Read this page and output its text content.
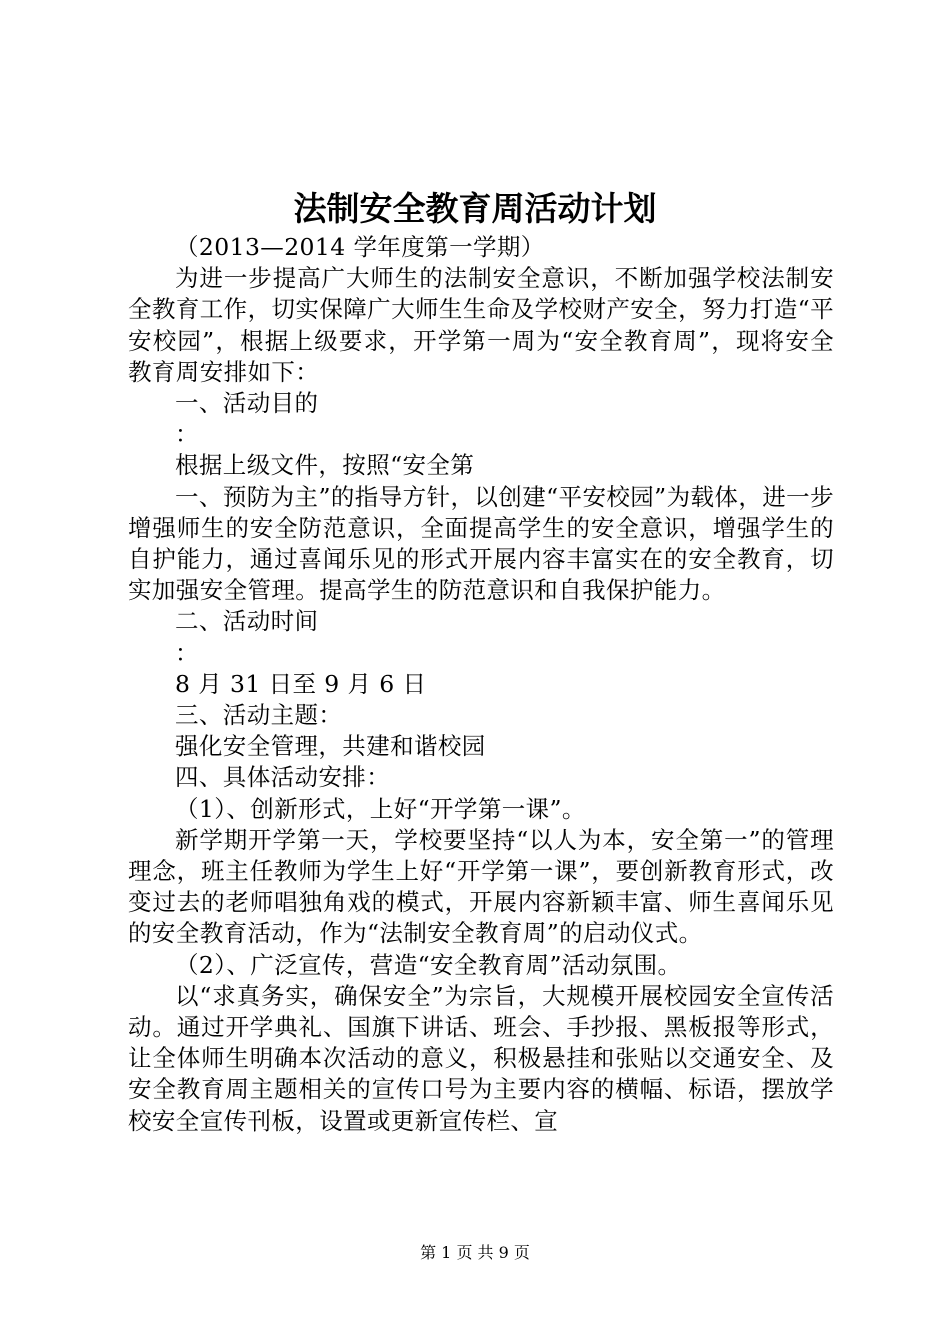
法制安全教育周活动计划

（2013—2014 学年度第一学期）

为进一步提高广大师生的法制安全意识，不断加强学校法制安全教育工作，切实保障广大师生生命及学校财产安全，努力打造“平安校园”，根据上级要求，开学第一周为“安全教育周”，现将安全教育周安排如下：

一、活动目的

：

根据上级文件，按照“安全第

一、预防为主”的指导方针，以创建“平安校园”为载体，进一步增强师生的安全防范意识，全面提高学生的安全意识，增强学生的自护能力，通过喜闻乐见的形式开展内容丰富实在的安全教育，切实加强安全管理。提高学生的防范意识和自我保护能力。

二、活动时间

：

8 月 31 日至 9 月 6 日

三、活动主题：

强化安全管理，共建和谐校园

四、具体活动安排：

（1）、创新形式，上好“开学第一课”。

新学期开学第一天，学校要坚持“以人为本，安全第一”的管理理念，班主任教师为学生上好“开学第一课”，要创新教育形式，改变过去的老师唱独角戏的模式，开展内容新颖丰富、师生喜闻乐见的安全教育活动，作为“法制安全教育周”的启动仪式。

（2）、广泛宣传，营造“安全教育周”活动氛围。

以“求真务实，确保安全”为宗旨，大规模开展校园安全宣传活动。通过开学典礼、国旗下讲话、班会、手抄报、黑板报等形式，让全体师生明确本次活动的意义，积极悬挂和张贴以交通安全、及安全教育周主题相关的宣传口号为主要内容的横幅、标语，摆放学校安全宣传刊板，设置或更新宣传栏、宣

第 1 页 共 9 页
